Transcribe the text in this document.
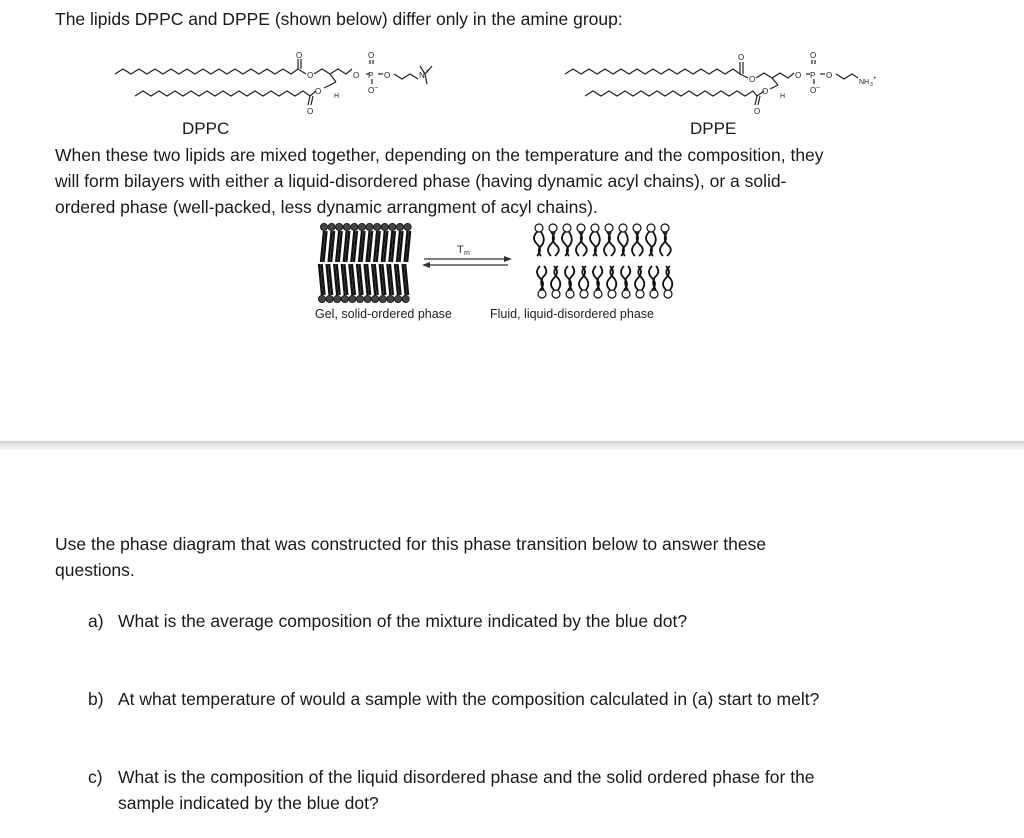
The lipids DPPC and DPPE (shown below) differ only in the amine group:
O
O	O
O
P O
O −
N +
O
H
O
DPPC
O
O	O
O
P O
O −
NH 3
+
O
H
O
DPPE
When these two lipids are mixed together, depending on the temperature and the composition, they
will form bilayers with either a liquid-disordered phase (having dynamic acyl chains), or a solid-
ordered phase (well-packed, less dynamic arrangment of acyl chains).
T m
Gel, solid-ordered phase	Fluid, liquid-disordered phase
Use the phase diagram that was constructed for this phase transition below to answer these
questions.
a) What is the average composition of the mixture indicated by the blue dot?
b) At what temperature of would a sample with the composition calculated in (a) start to melt?
c) What is the composition of the liquid disordered phase and the solid ordered phase for the
sample indicated by the blue dot?
